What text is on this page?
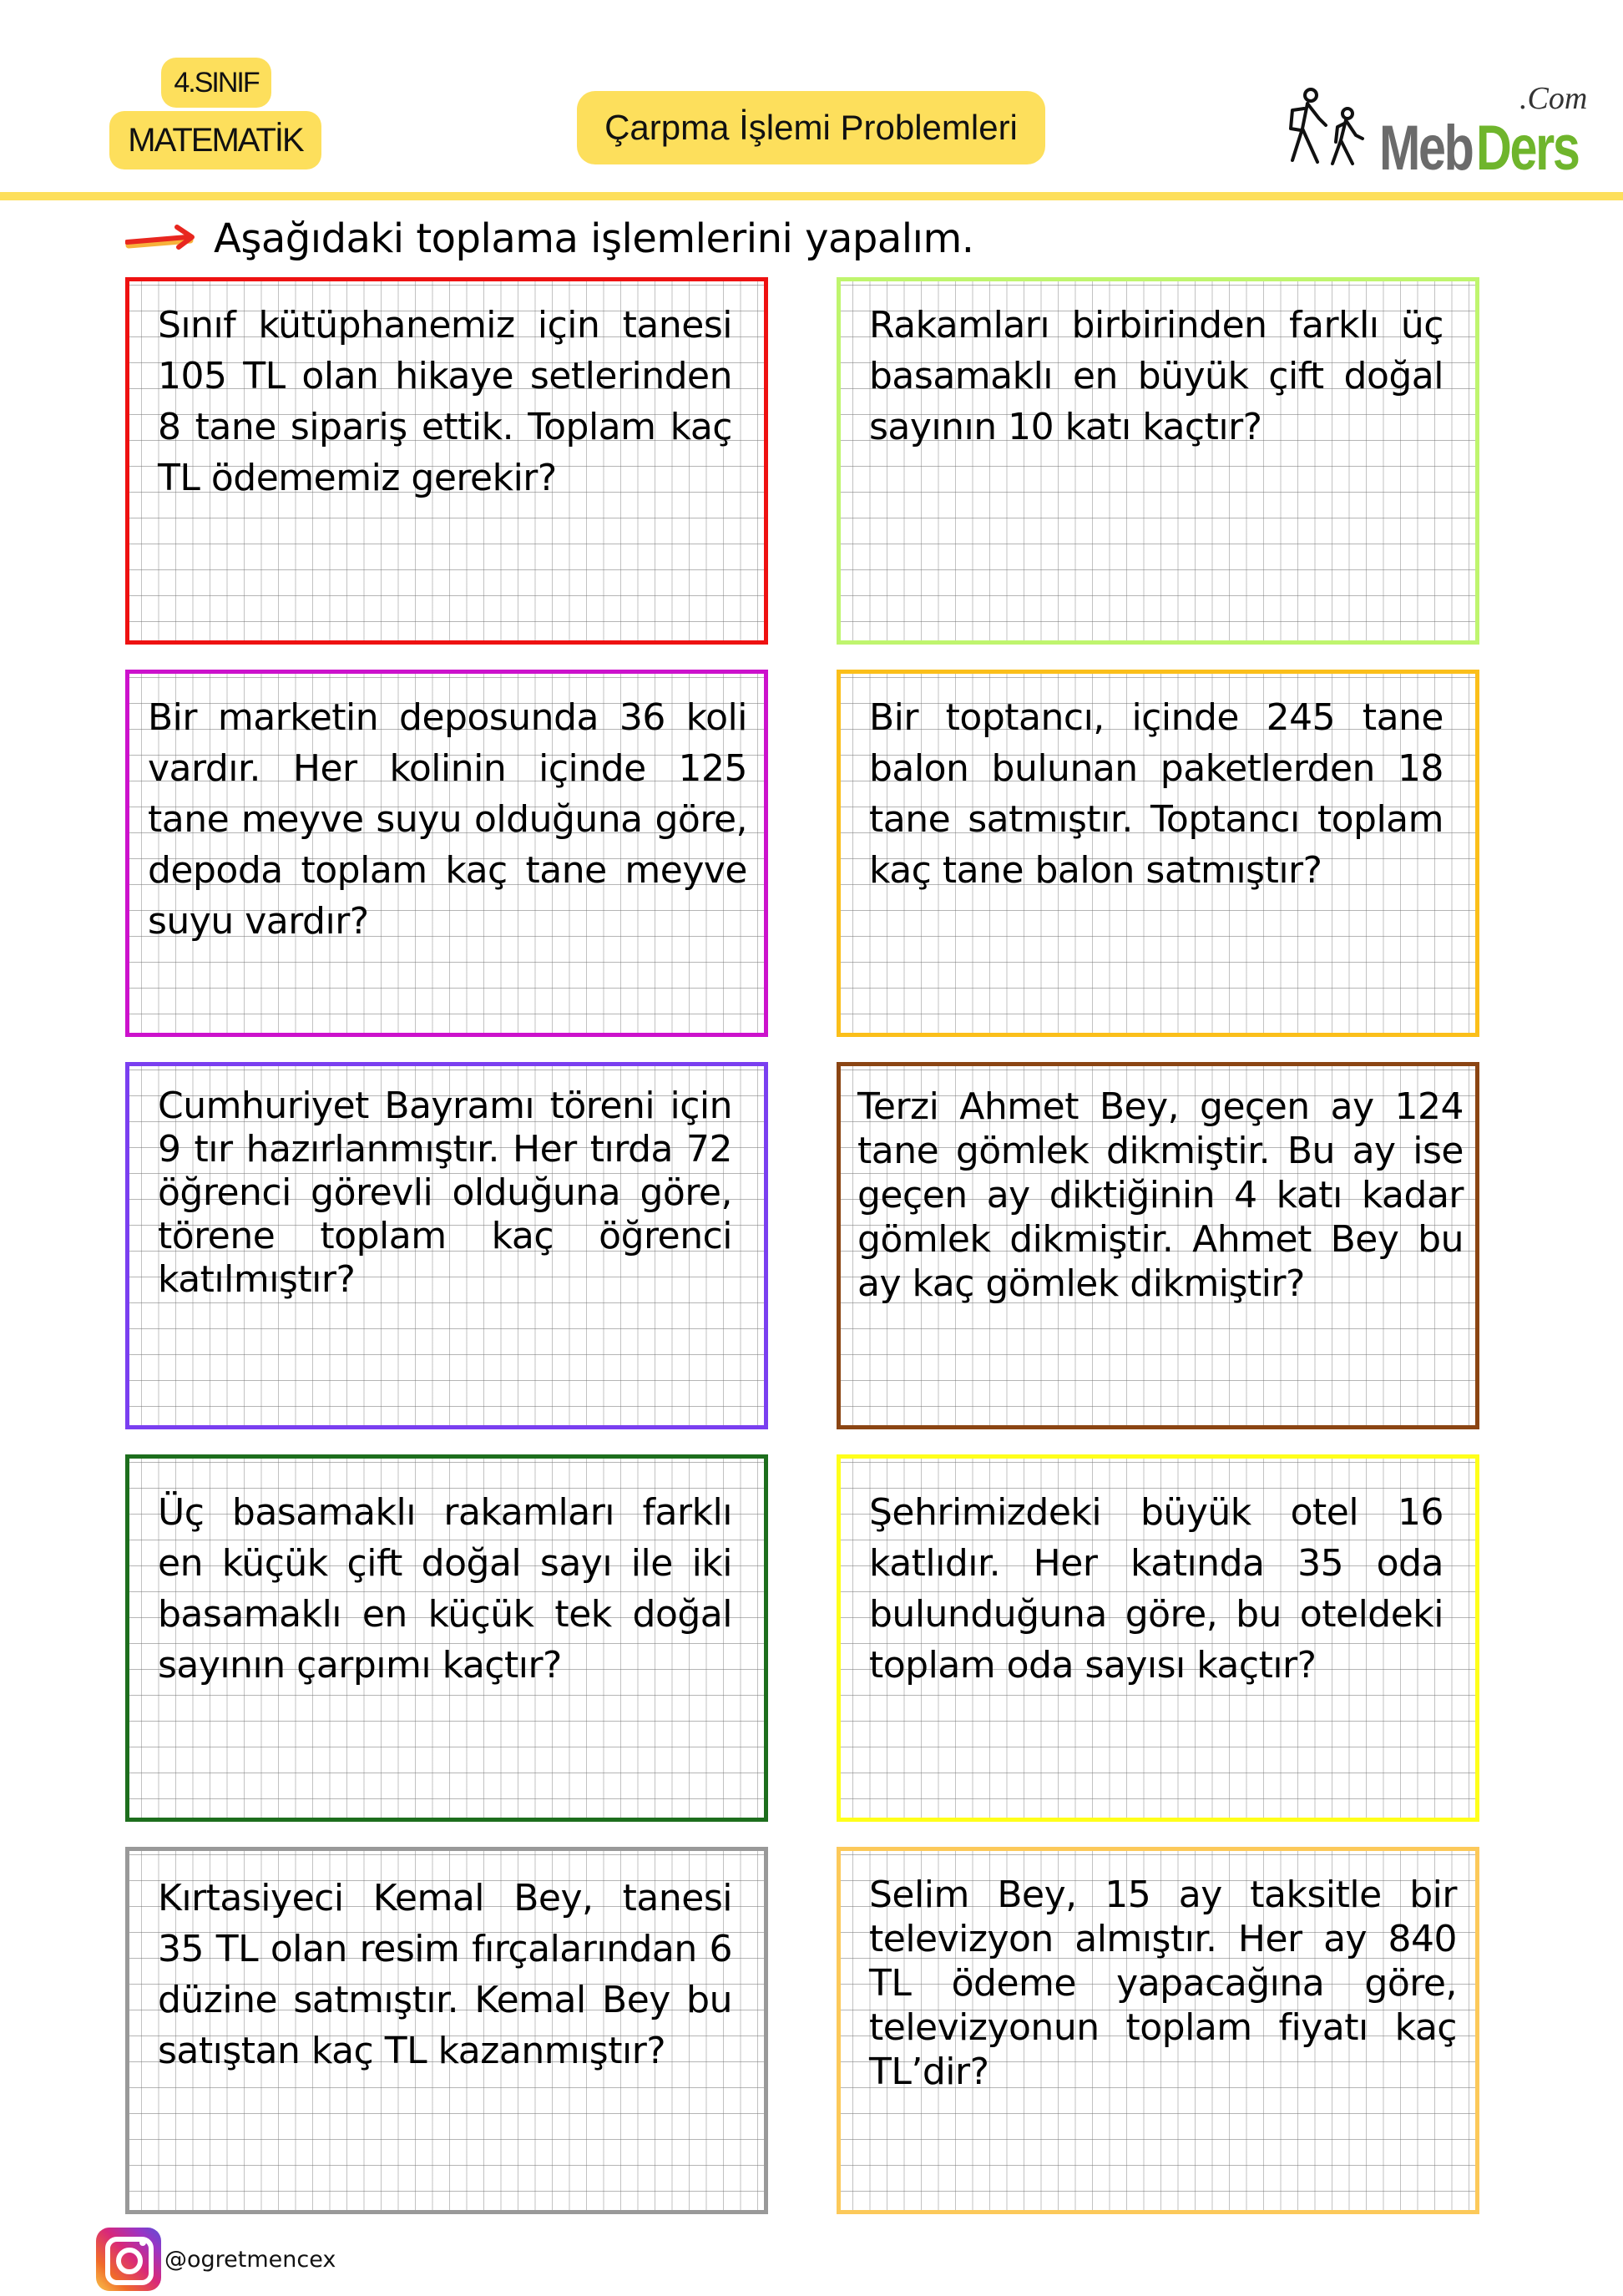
4.SINIF
MATEMATİK	Çarpma İşlemi Problemleri
.Com
Meb Ders
Aşağıdaki toplama işlemlerini yapalım.
Sınıf kütüphanemiz için tanesi 105 TL olan hikaye setlerinden 8 tane sipariş ettik. Toplam kaç TL ödememiz gerekir?
Rakamları birbirinden farklı üç basamaklı en büyük çift doğal sayının 10 katı kaçtır?
Bir marketin deposunda 36 koli vardır. Her kolinin içinde 125 tane meyve suyu olduğuna göre, depoda toplam kaç tane meyve suyu vardır?
Bir toptancı, içinde 245 tane balon bulunan paketlerden 18 tane satmıştır. Toptancı toplam kaç tane balon satmıştır?
Cumhuriyet Bayramı töreni için 9 tır hazırlanmıştır. Her tırda 72 öğrenci görevli olduğuna göre, törene toplam kaç öğrenci katılmıştır?
Terzi Ahmet Bey, geçen ay 124 tane gömlek dikmiştir. Bu ay ise geçen ay diktiğinin 4 katı kadar gömlek dikmiştir. Ahmet Bey bu ay kaç gömlek dikmiştir?
Üç basamaklı rakamları farklı en küçük çift doğal sayı ile iki basamaklı en küçük tek doğal sayının çarpımı kaçtır?
Şehrimizdeki büyük otel 16 katlıdır. Her katında 35 oda bulunduğuna göre, bu oteldeki toplam oda sayısı kaçtır?
Kırtasiyeci Kemal Bey, tanesi 35 TL olan resim fırçalarından 6 düzine satmıştır. Kemal Bey bu satıştan kaç TL kazanmıştır?
Selim Bey, 15 ay taksitle bir televizyon almıştır. Her ay 840 TL ödeme yapacağına göre, televizyonun toplam fiyatı kaç TL’dir?
@ogretmencex
